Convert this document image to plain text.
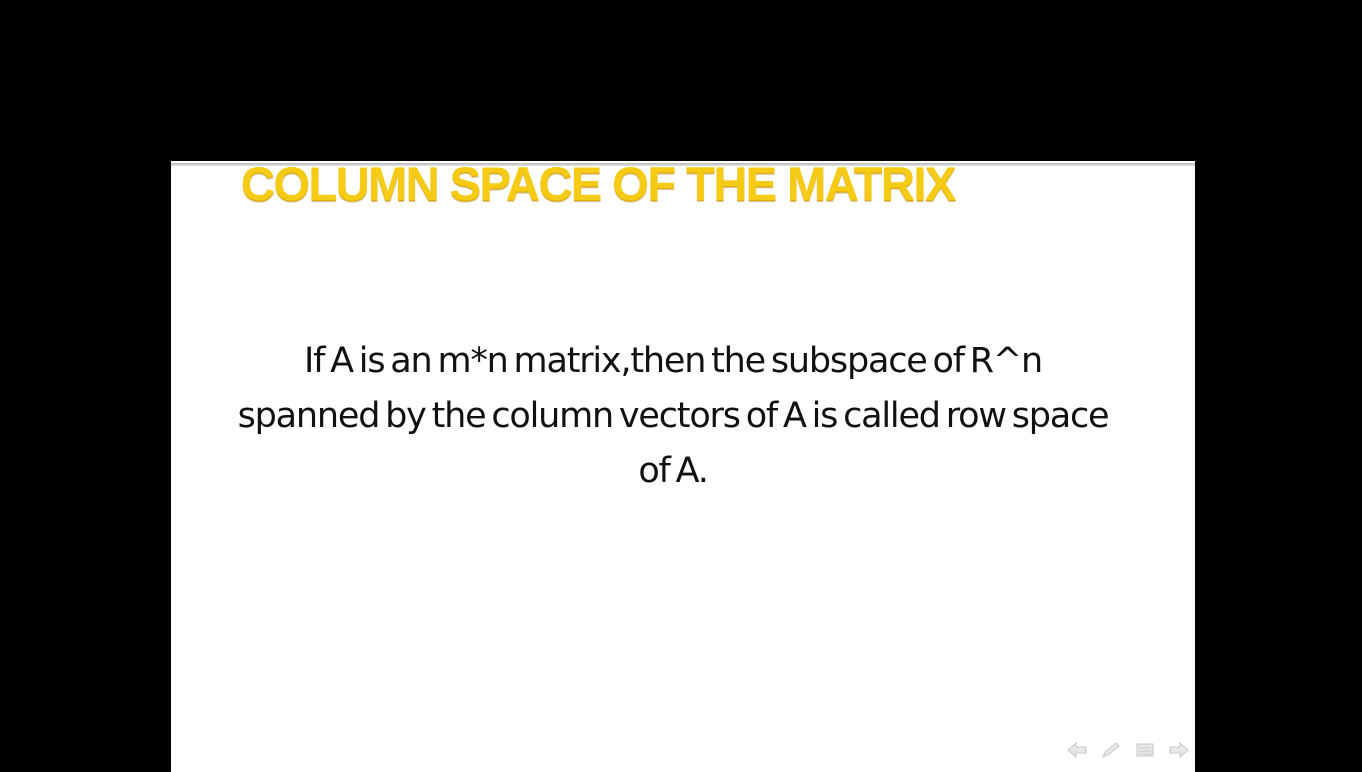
COLUMN SPACE OF THE MATRIX

If A is an m*n matrix,then the subspace of R^n spanned by the column vectors of A is called row space of A.
